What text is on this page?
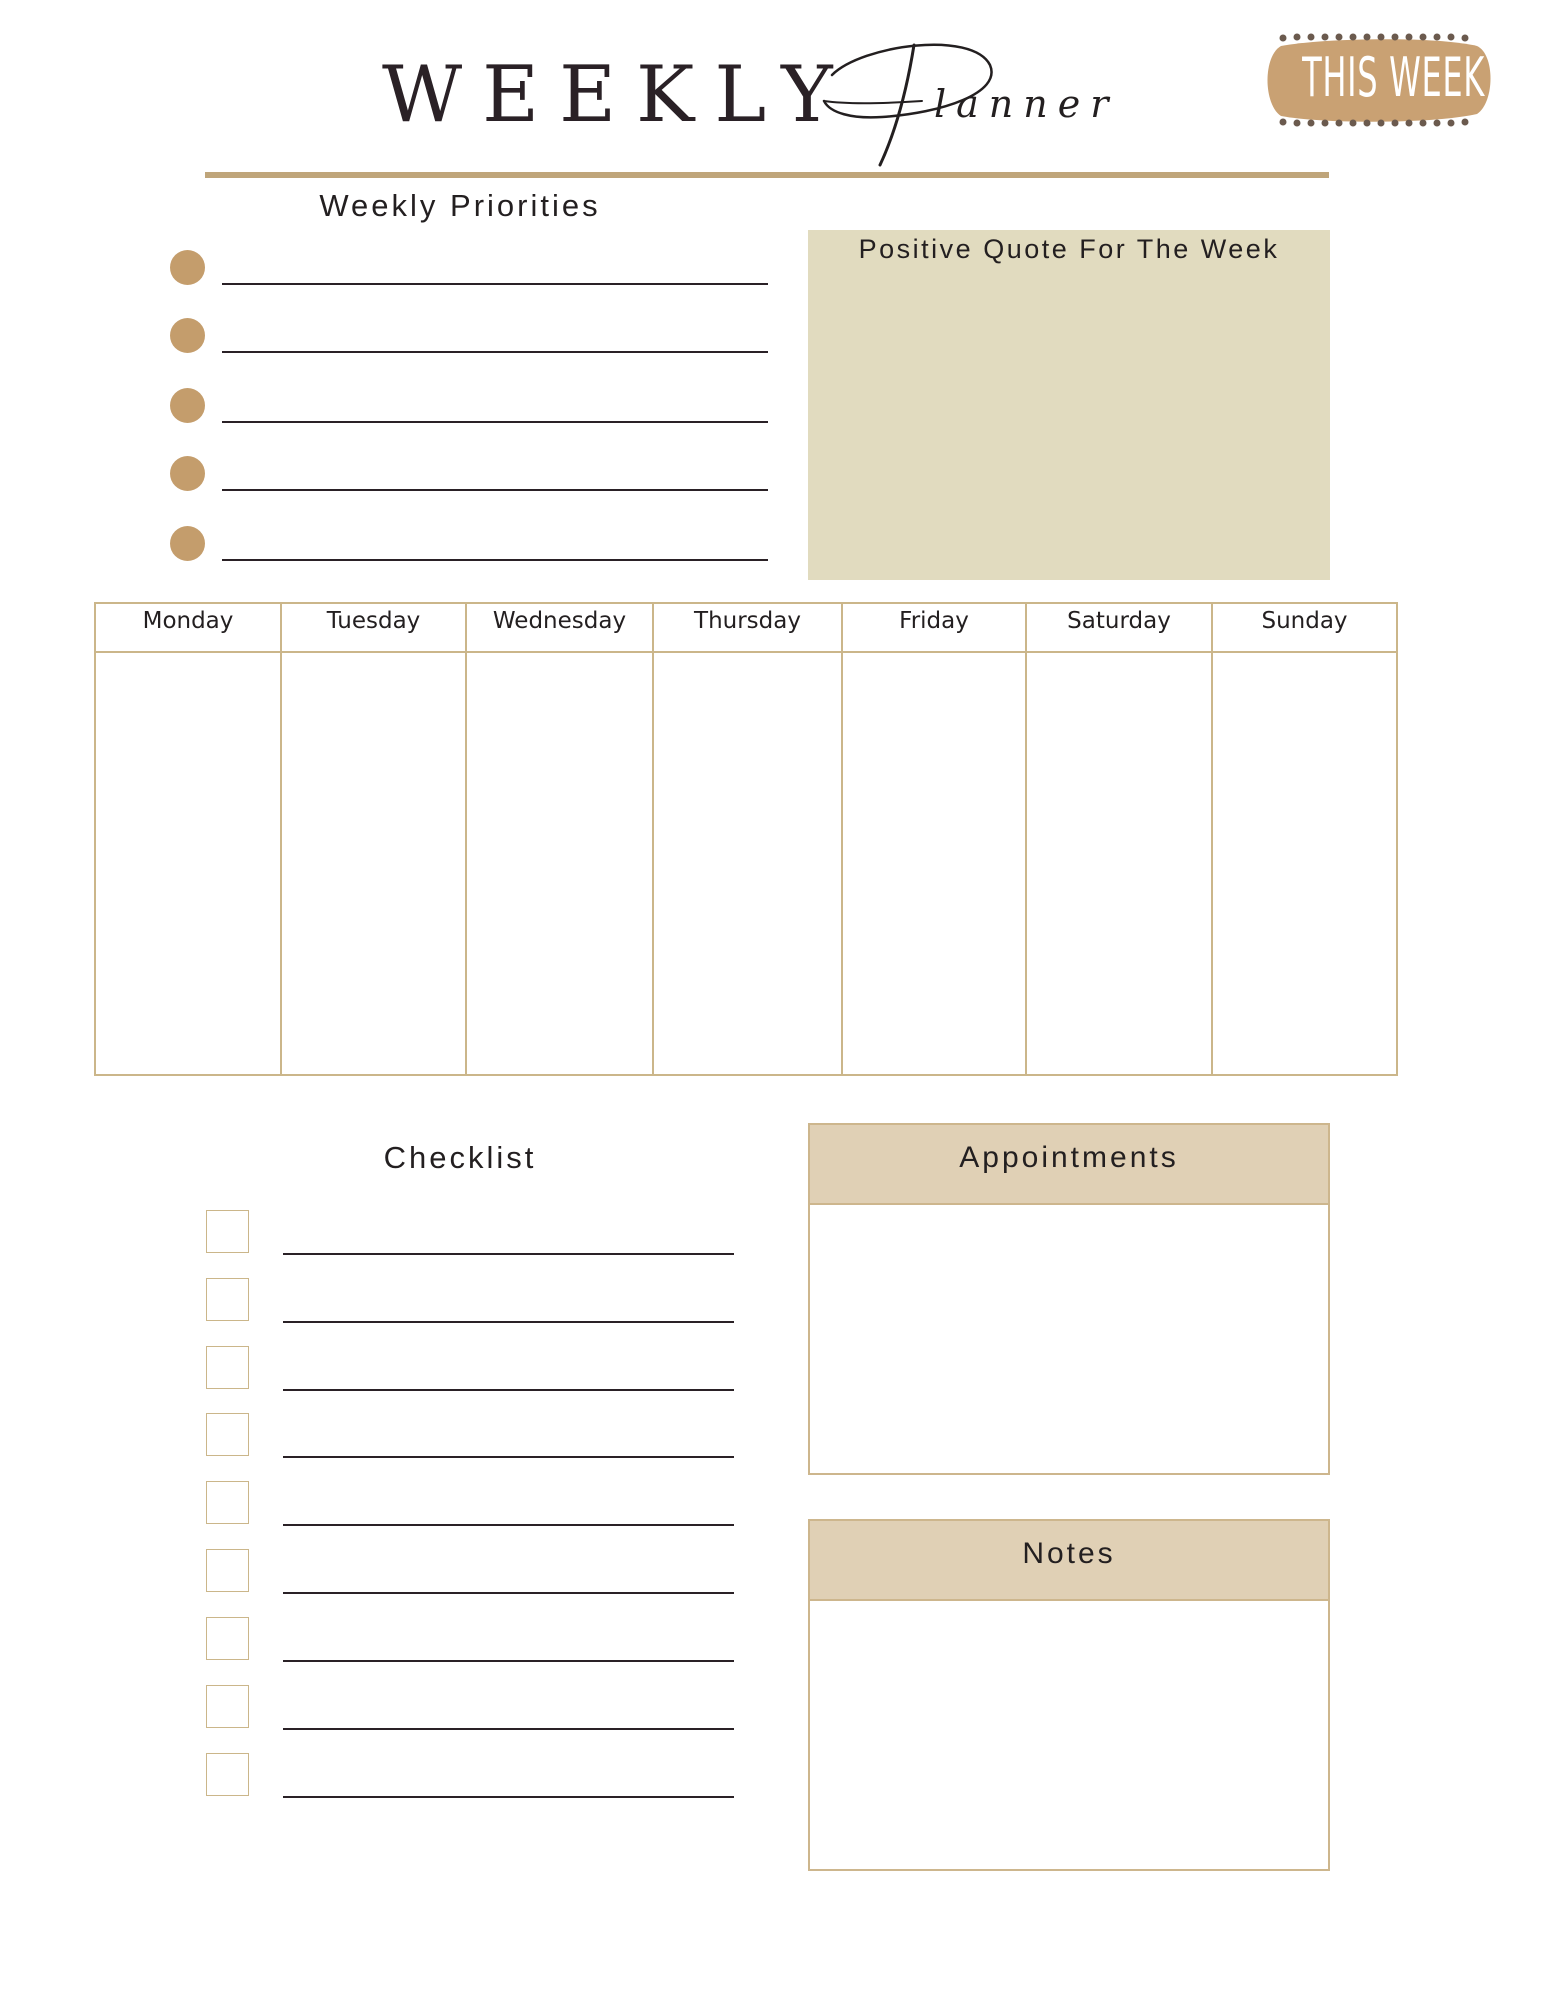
WEEKLY lanner	THIS WEEK
Weekly Priorities
Positive Quote For The Week
Monday	Tuesday	Wednesday	Thursday	Friday	Saturday	Sunday
Checklist	Appointments
Notes
